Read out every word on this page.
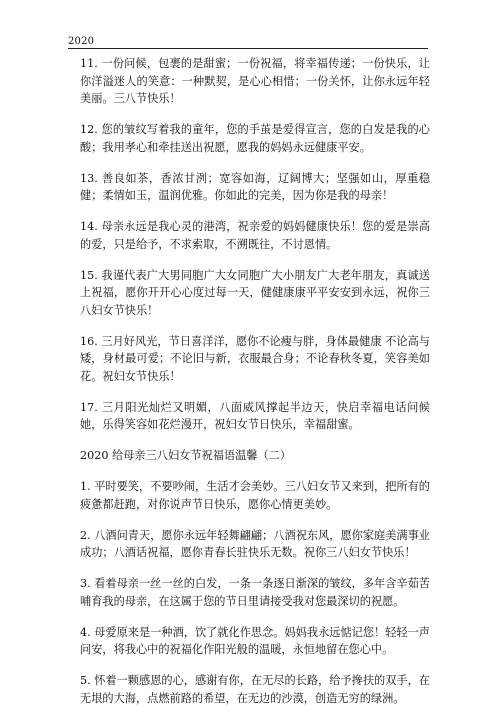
2020

11. 一份问候，包裹的是甜蜜；一份祝福，将幸福传递；一份快乐，让你洋溢迷人的笑意：一种默契，是心心相惜；一份关怀，让你永远年轻美丽。三八节快乐！

12. 您的皱纹写着我的童年，您的手茧是爱得宣言，您的白发是我的心酸；我用孝心和牵挂送出祝愿，愿我的妈妈永远健康平安。

13. 善良如茶，香浓甘洌；宽容如海，辽阔博大；坚强如山，厚重稳健；柔情如玉，温润优雅。你如此的完美，因为你是我的母亲！

14. 母亲永远是我心灵的港湾，祝亲爱的妈妈健康快乐！您的爱是崇高的爱，只是给予，不求索取，不溯既往，不讨恩情。

15. 我谨代表广大男同胞广大女同胞广大小朋友广大老年朋友，真诚送上祝福，愿你开开心心度过每一天，健健康康平平安安到永远，祝你三八妇女节快乐！

16. 三月好风光，节日喜洋洋，愿你不论瘦与胖，身体最健康 不论高与矮，身材最可爱；不论旧与新，衣服最合身；不论春秋冬夏，笑容美如花。祝妇女节快乐！

17. 三月阳光灿烂又明媚，八面威风撑起半边天，快启幸福电话问候她，乐得笑容如花烂漫开，祝妇女节日快乐，幸福甜蜜。

2020 给母亲三八妇女节祝福语温馨（二）

1. 平时要笑，不要吵闹，生活才会美妙。三八妇女节又来到，把所有的疲惫都赶跑，对你说声节日快乐，愿你心情更美妙。

2. 八酒问青天，愿你永远年轻舞翩翩；八酒祝东风，愿你家庭美满事业成功；八酒话祝福，愿你青春长驻快乐无数。祝你三八妇女节快乐！

3. 看着母亲一丝一丝的白发，一条一条逐日渐深的皱纹，多年含辛茹苦哺育我的母亲，在这属于您的节日里请接受我对您最深切的祝愿。

4. 母爱原来是一种酒，饮了就化作思念。妈妈我永远惦记您！轻轻一声问安，将我心中的祝福化作阳光般的温暖，永恒地留在您心中。

5. 怀着一颗感恩的心，感谢有你，在无尽的长路，给予搀扶的双手，在无垠的大海，点燃前路的希望，在无边的沙漠，创造无穷的绿洲。
